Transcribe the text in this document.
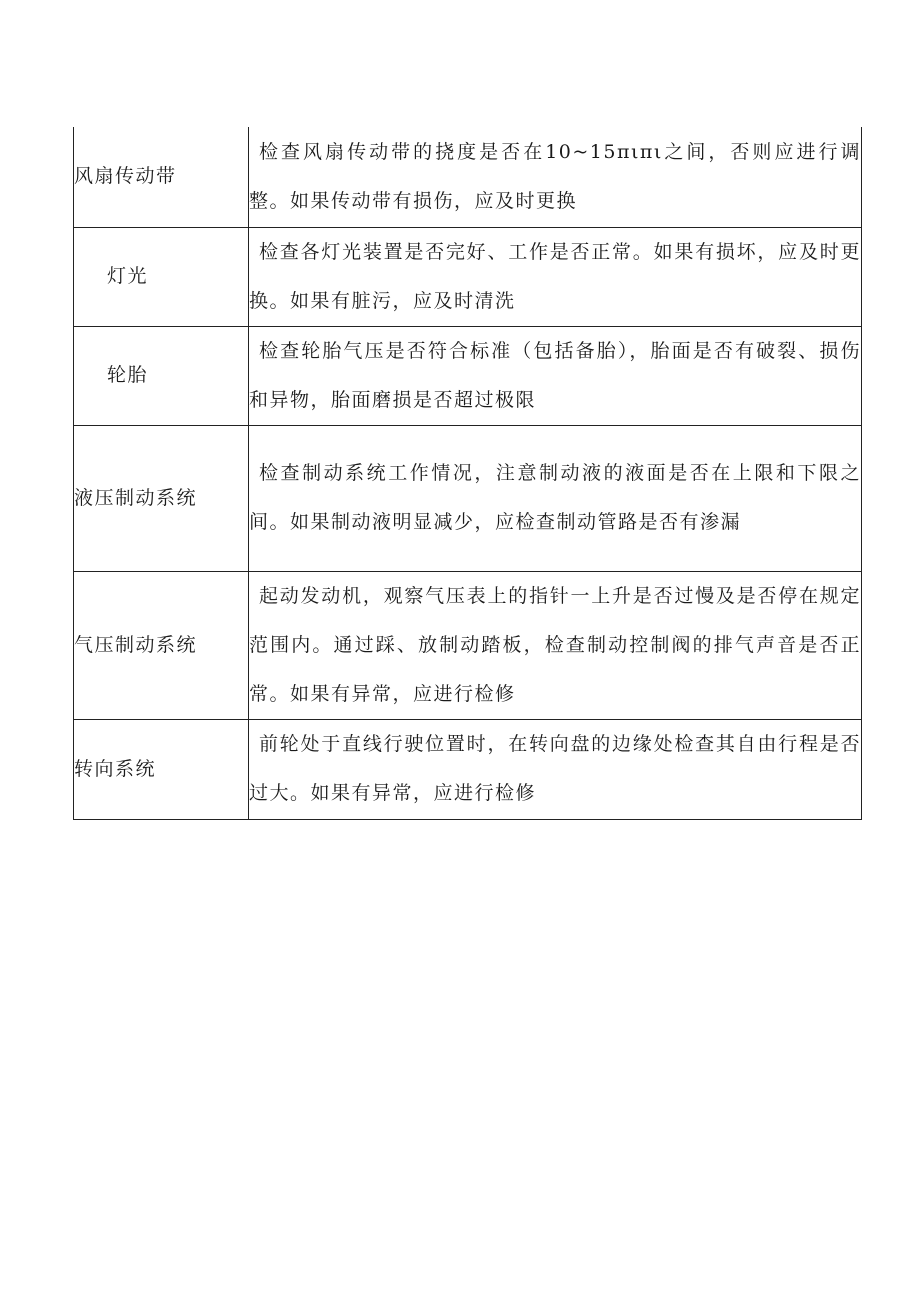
风扇传动带	检查风扇传动带的挠度是否在10~15πιπι之间，否则应进行调整。如果传动带有损伤，应及时更换

灯光	检查各灯光装置是否完好、工作是否正常。如果有损坏，应及时更换。如果有脏污，应及时清洗

轮胎	检查轮胎气压是否符合标准（包括备胎），胎面是否有破裂、损伤和异物，胎面磨损是否超过极限

液压制动系统	检查制动系统工作情况，注意制动液的液面是否在上限和下限之间。如果制动液明显减少，应检查制动管路是否有渗漏

气压制动系统	起动发动机，观察气压表上的指针一上升是否过慢及是否停在规定范围内。通过踩、放制动踏板，检查制动控制阀的排气声音是否正常。如果有异常，应进行检修

转向系统	前轮处于直线行驶位置时，在转向盘的边缘处检查其自由行程是否过大。如果有异常，应进行检修
